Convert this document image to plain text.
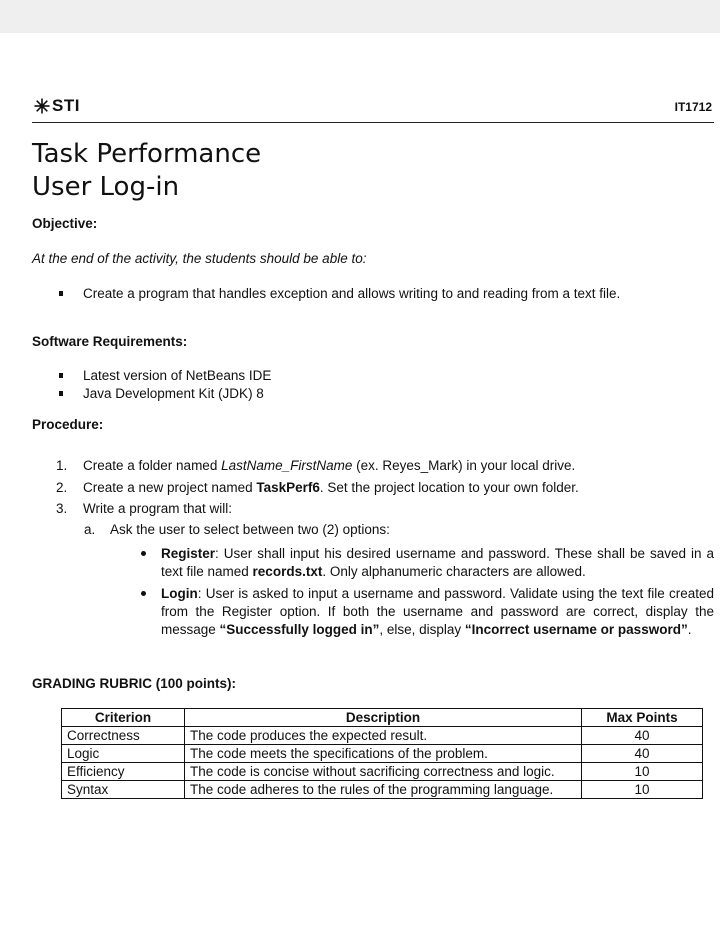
STI	IT1712
Task Performance
User Log-in
Objective:
At the end of the activity, the students should be able to:
Create a program that handles exception and allows writing to and reading from a text file.
Software Requirements:
Latest version of NetBeans IDE
Java Development Kit (JDK) 8
Procedure:
1. Create a folder named LastName_FirstName (ex. Reyes_Mark) in your local drive.
2. Create a new project named TaskPerf6. Set the project location to your own folder.
3. Write a program that will:
a. Ask the user to select between two (2) options:
Register: User shall input his desired username and password. These shall be saved in a text file named records.txt. Only alphanumeric characters are allowed.
Login: User is asked to input a username and password. Validate using the text file created from the Register option. If both the username and password are correct, display the message “Successfully logged in”, else, display “Incorrect username or password”.
GRADING RUBRIC (100 points):
Criterion	Description	Max Points
Correctness	The code produces the expected result.	40
Logic	The code meets the specifications of the problem.	40
Efficiency	The code is concise without sacrificing correctness and logic.	10
Syntax	The code adheres to the rules of the programming language.	10
